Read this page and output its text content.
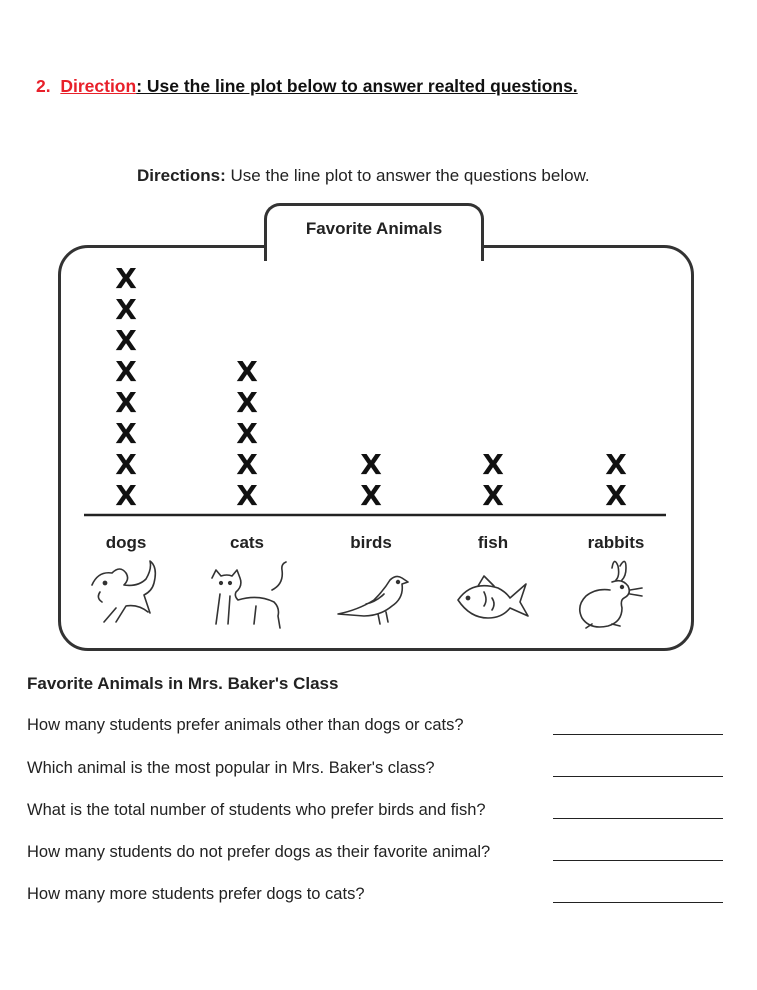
2. Direction: Use the line plot below to answer realted questions.
Directions: Use the line plot to answer the questions below.
Favorite Animals
X
X
X
X
X
X
X
X
X
X
X
X
X
X
X
X
X
X
X
dogs	cats	birds	fish	rabbits
Favorite Animals in Mrs. Baker's Class
How many students prefer animals other than dogs or cats?
Which animal is the most popular in Mrs. Baker's class?
What is the total number of students who prefer birds and fish?
How many students do not prefer dogs as their favorite animal?
How many more students prefer dogs to cats?
